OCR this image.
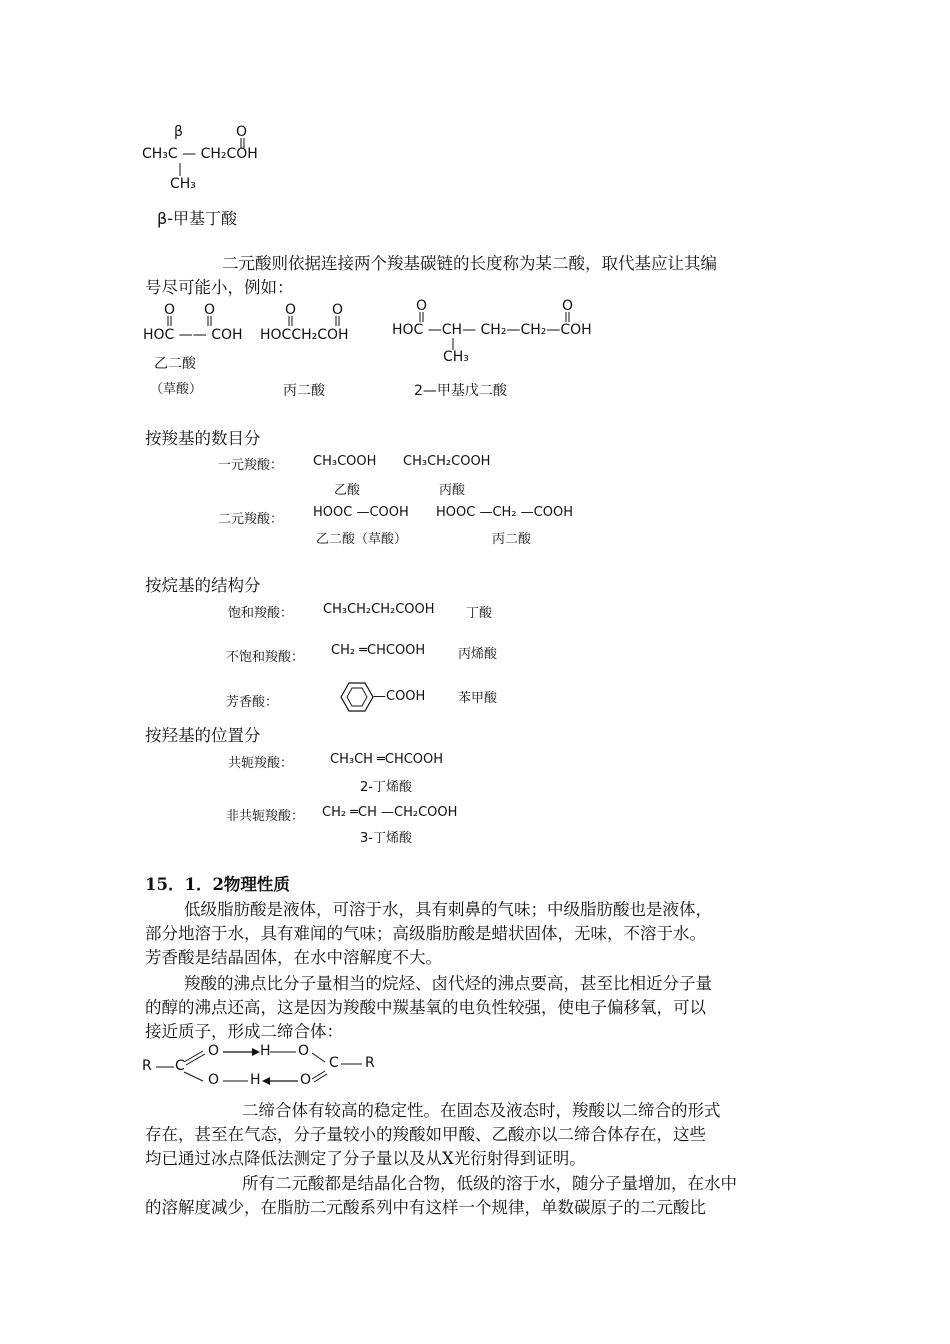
β	O
CH₃C — CH₂COH
CH₃
β-甲基丁酸
二元酸则依据连接两个羧基碳链的长度称为某二酸，取代基应让其编
号尽可能小，例如：
O O
HOC —— COH
乙二酸
（草酸）
O	O
HOCCH₂COH
丙二酸
O	O
HOC —CH— CH₂—CH₂—COH
CH₃
2—甲基戊二酸
按羧基的数目分
一元羧酸： CH₃COOH
乙酸
CH₃CH₂COOH
丙酸
二元羧酸： HOOC —COOH
乙二酸（草酸）
HOOC —CH₂ —COOH
丙二酸
按烷基的结构分
饱和羧酸： CH₃CH₂CH₂COOH 丁酸
不饱和羧酸： CH₂ ═CHCOOH	丙烯酸
芳香酸：	—COOH	苯甲酸
按羟基的位置分
共轭羧酸：	CH₃CH ═CHCOOH
2-丁烯酸
非共轭羧酸： CH₂ ═CH —CH₂COOH
3-丁烯酸
15．1．2物理性质
低级脂肪酸是液体，可溶于水，具有刺鼻的气味；中级脂肪酸也是液体，
部分地溶于水，具有难闻的气味；高级脂肪酸是蜡状固体，无味，不溶于水。
芳香酸是结晶固体，在水中溶解度不大。
羧酸的沸点比分子量相当的烷烃、卤代烃的沸点要高，甚至比相近分子量
的醇的沸点还高，这是因为羧酸中羰基氧的电负性较强，使电子偏移氧，可以
接近质子，形成二缔合体：
R C
O	H O
C R
O H	O
二缔合体有较高的稳定性。在固态及液态时，羧酸以二缔合的形式
存在，甚至在气态，分子量较小的羧酸如甲酸、乙酸亦以二缔合体存在，这些
均已通过冰点降低法测定了分子量以及从X光衍射得到证明。
所有二元酸都是结晶化合物，低级的溶于水，随分子量增加，在水中
的溶解度减少，在脂肪二元酸系列中有这样一个规律，单数碳原子的二元酸比
